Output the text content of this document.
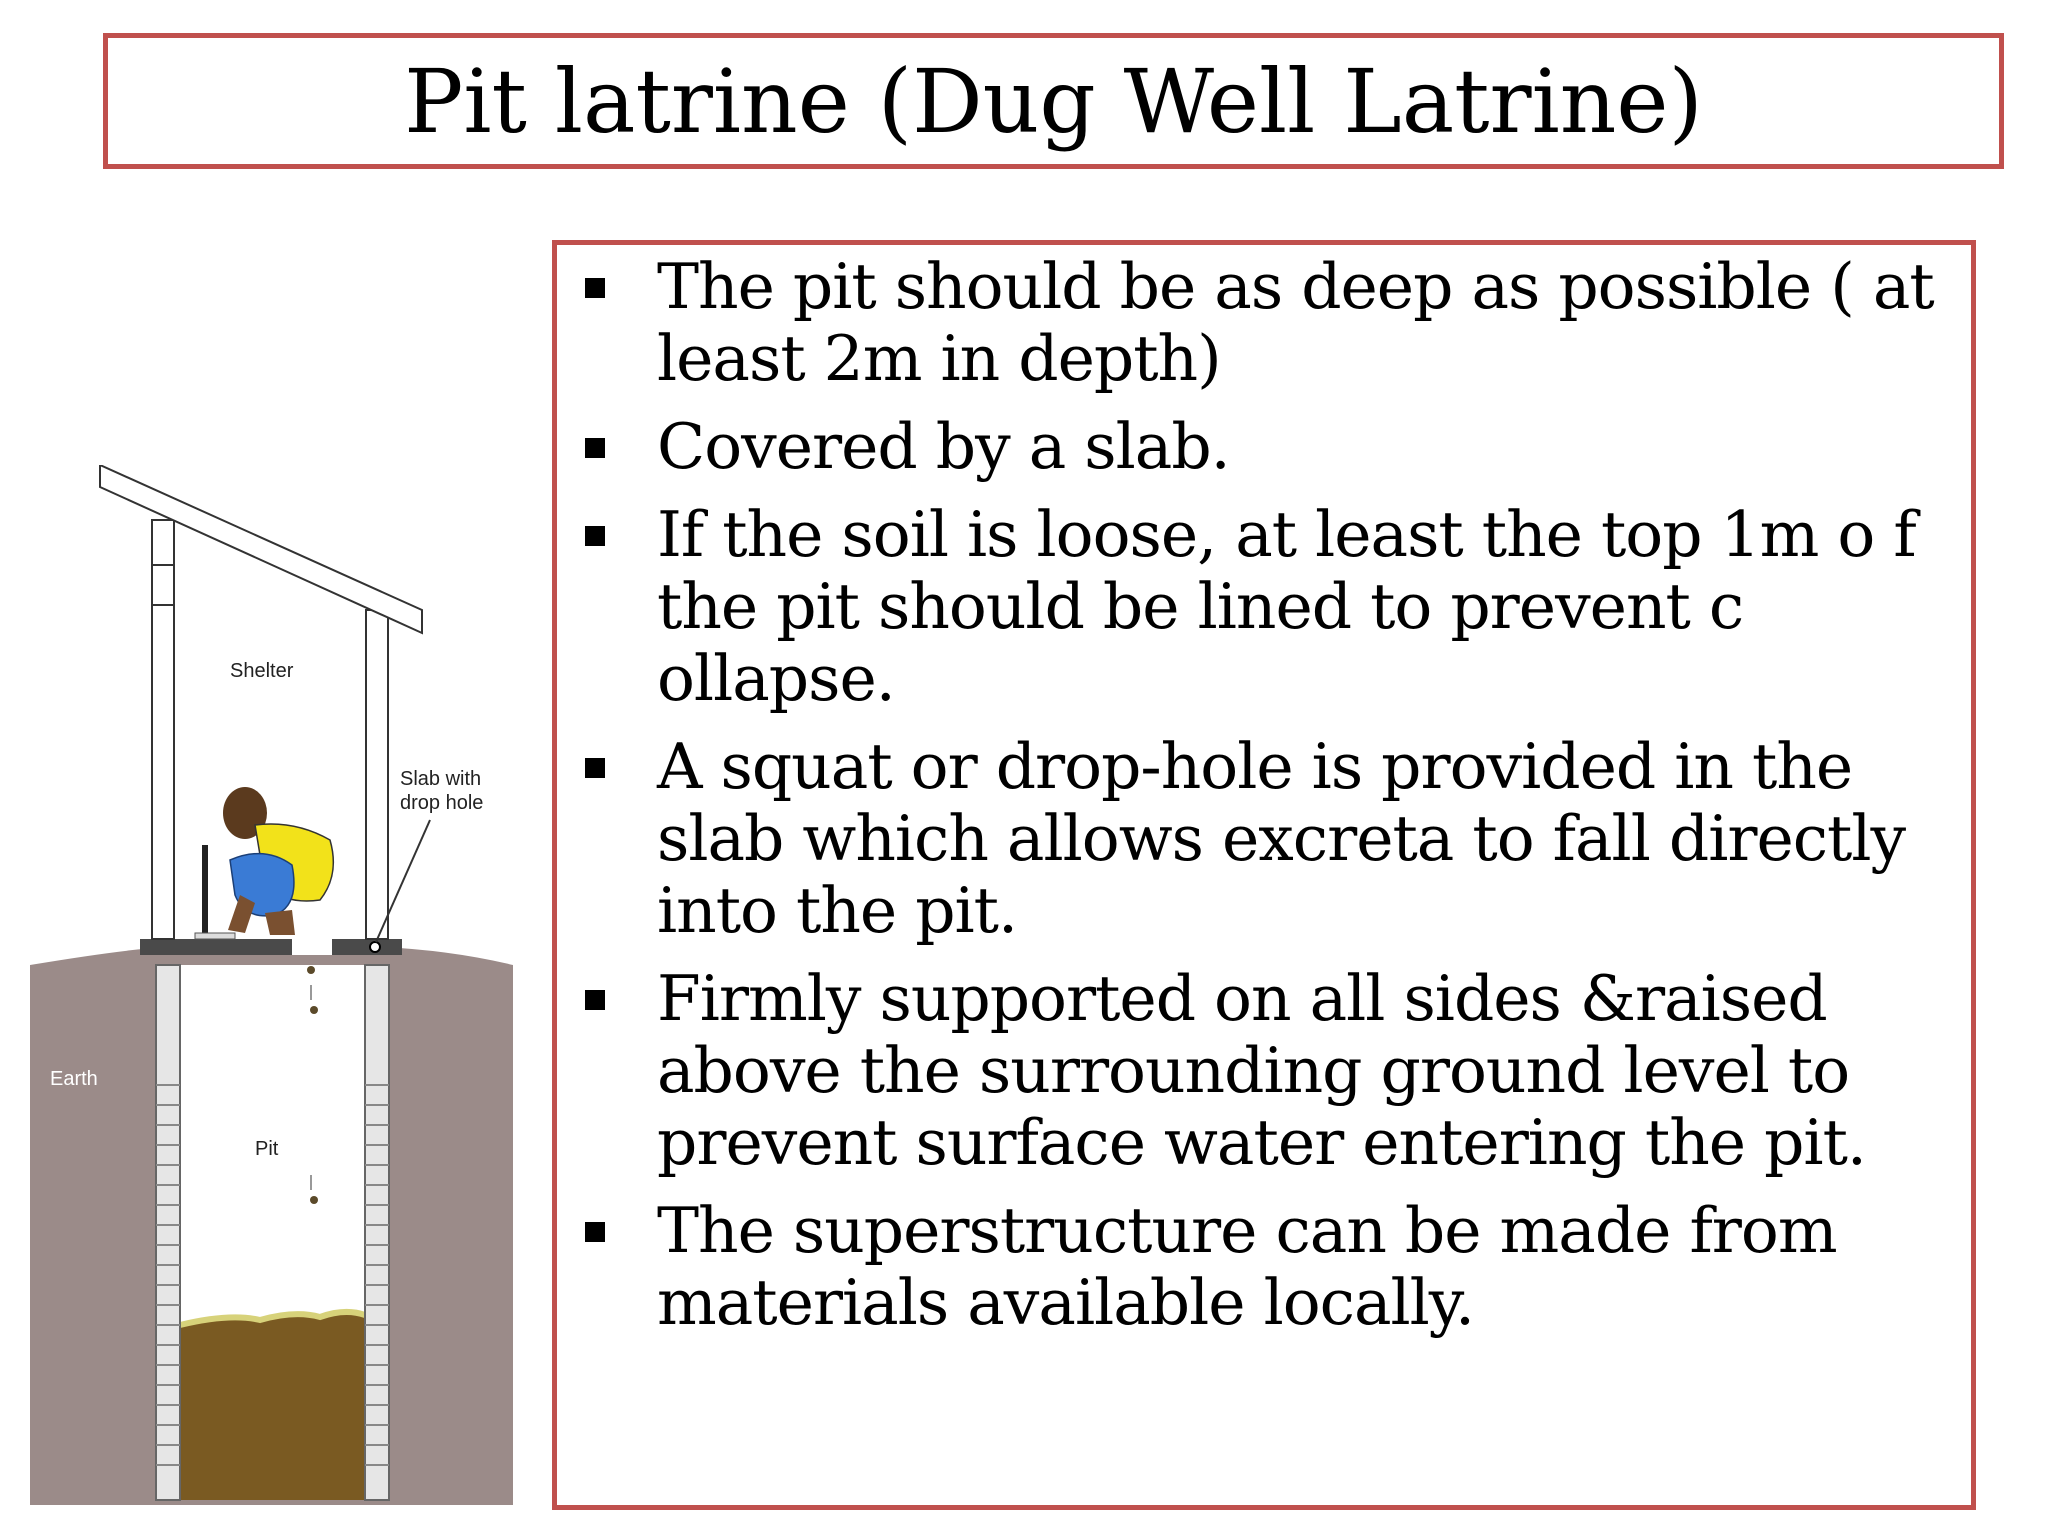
Pit latrine (Dug Well Latrine)
Shelter
Slab with
drop hole
Earth
Pit
The pit should be as deep as possible ( at least 2m in depth)
Covered by a slab.
If the soil is loose, at least the top 1m o f the pit should be lined to prevent c ollapse.
A squat or drop-hole is provided in the slab which allows excreta to fall directly into the pit.
Firmly supported on all sides &raised above the surrounding ground level to prevent surface water entering the pit.
The superstructure can be made from materials available locally.
